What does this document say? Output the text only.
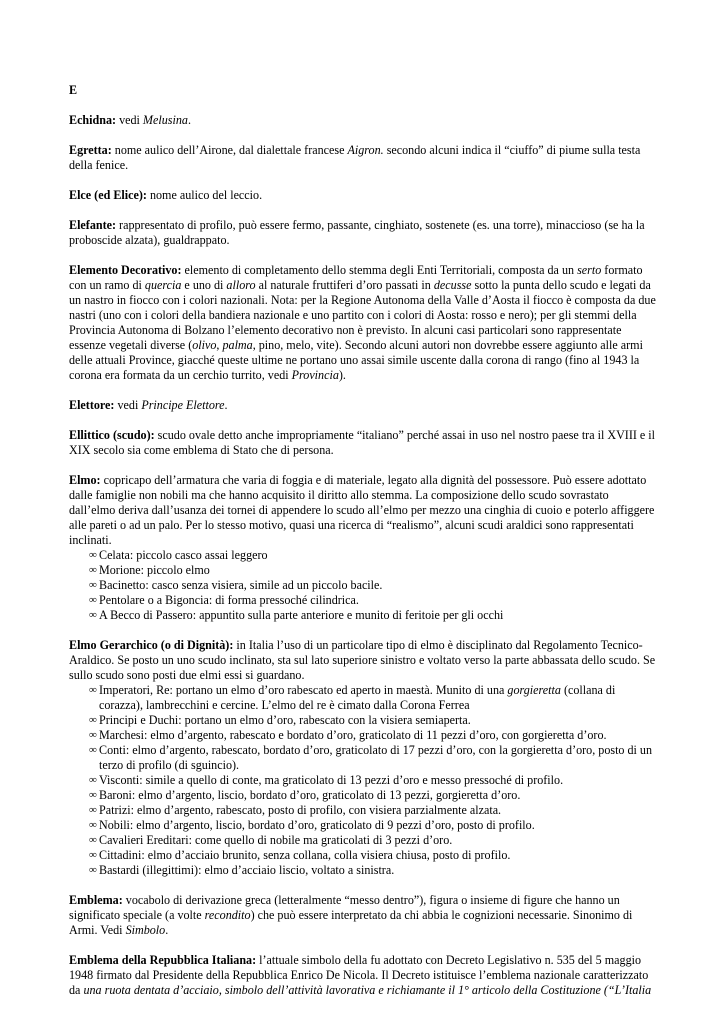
E

Echidna: vedi Melusina.

Egretta: nome aulico dell’Airone, dal dialettale francese Aigron. secondo alcuni indica il “ciuffo” di piume sulla testa della fenice.

Elce (ed Elice): nome aulico del leccio.

Elefante: rappresentato di profilo, può essere fermo, passante, cinghiato, sostenete (es. una torre), minaccioso (se ha la proboscide alzata), gualdrappato.

Elemento Decorativo: elemento di completamento dello stemma degli Enti Territoriali, composta da un serto formato con un ramo di quercia e uno di alloro al naturale fruttiferi d’oro passati in decusse sotto la punta dello scudo e legati da un nastro in fiocco con i colori nazionali. Nota: per la Regione Autonoma della Valle d’Aosta il fiocco è composta da due nastri (uno con i colori della bandiera nazionale e uno partito con i colori di Aosta: rosso e nero); per gli stemmi della Provincia Autonoma di Bolzano l’elemento decorativo non è previsto. In alcuni casi particolari sono rappresentate essenze vegetali diverse (olivo, palma, pino, melo, vite). Secondo alcuni autori non dovrebbe essere aggiunto alle armi delle attuali Province, giacché queste ultime ne portano uno assai simile uscente dalla corona di rango (fino al 1943 la corona era formata da un cerchio turrito, vedi Provincia).

Elettore: vedi Principe Elettore.

Ellittico (scudo): scudo ovale detto anche impropriamente “italiano” perché assai in uso nel nostro paese tra il XVIII e il XIX secolo sia come emblema di Stato che di persona.

Elmo: copricapo dell’armatura che varia di foggia e di materiale, legato alla dignità del possessore. Può essere adottato dalle famiglie non nobili ma che hanno acquisito il diritto allo stemma. La composizione dello scudo sovrastato dall’elmo deriva dall’usanza dei tornei di appendere lo scudo all’elmo per mezzo una cinghia di cuoio e poterlo affiggere alle pareti o ad un palo. Per lo stesso motivo, quasi una ricerca di “realismo”, alcuni scudi araldici sono rappresentati inclinati.

∞ Celata: piccolo casco assai leggero
∞ Morione: piccolo elmo
∞ Bacinetto: casco senza visiera, simile ad un piccolo bacile.
∞ Pentolare o a Bigoncia: di forma pressoché cilindrica.
∞ A Becco di Passero: appuntito sulla parte anteriore e munito di feritoie per gli occhi

Elmo Gerarchico (o di Dignità): in Italia l’uso di un particolare tipo di elmo è disciplinato dal Regolamento Tecnico-Araldico. Se posto un uno scudo inclinato, sta sul lato superiore sinistro e voltato verso la parte abbassata dello scudo. Se sullo scudo sono posti due elmi essi si guardano.

∞ Imperatori, Re: portano un elmo d’oro rabescato ed aperto in maestà. Munito di una gorgieretta (collana di corazza), lambrecchini e cercine. L’elmo del re è cimato dalla Corona Ferrea
∞ Principi e Duchi: portano un elmo d’oro, rabescato con la visiera semiaperta.
∞ Marchesi: elmo d’argento, rabescato e bordato d’oro, graticolato di 11 pezzi d’oro, con gorgieretta d’oro.
∞ Conti: elmo d’argento, rabescato, bordato d’oro, graticolato di 17 pezzi d’oro, con la gorgieretta d’oro, posto di un terzo di profilo (di sguincio).
∞ Visconti: simile a quello di conte, ma graticolato di 13 pezzi d’oro e messo pressoché di profilo.
∞ Baroni: elmo d’argento, liscio, bordato d’oro, graticolato di 13 pezzi, gorgieretta d’oro.
∞ Patrizi: elmo d’argento, rabescato, posto di profilo, con visiera parzialmente alzata.
∞ Nobili: elmo d’argento, liscio, bordato d’oro, graticolato di 9 pezzi d’oro, posto di profilo.
∞ Cavalieri Ereditari: come quello di nobile ma graticolati di 3 pezzi d’oro.
∞ Cittadini: elmo d’acciaio brunito, senza collana, colla visiera chiusa, posto di profilo.
∞ Bastardi (illegittimi): elmo d’acciaio liscio, voltato a sinistra.

Emblema: vocabolo di derivazione greca (letteralmente “messo dentro”), figura o insieme di figure che hanno un significato speciale (a volte recondito) che può essere interpretato da chi abbia le cognizioni necessarie. Sinonimo di Armi. Vedi Simbolo.

Emblema della Repubblica Italiana: l’attuale simbolo della fu adottato con Decreto Legislativo n. 535 del 5 maggio 1948 firmato dal Presidente della Repubblica Enrico De Nicola. Il Decreto istituisce l’emblema nazionale caratterizzato da una ruota dentata d’acciaio, simbolo dell’attività lavorativa e richiamante il 1° articolo della Costituzione (“L’Italia
